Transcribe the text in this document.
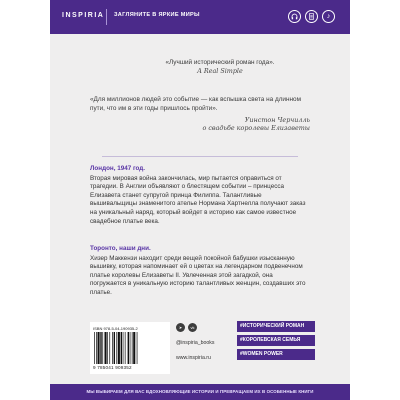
INSPIRIA ЗАГЛЯНИТЕ В ЯРКИЕ МИРЫ	♪
«Лучший исторический роман года».
A Real Simple
«Для миллионов людей это событие — как вспышка света на длинном пути, что им в эти годы пришлось пройти».
Уинстон Черчилль
о свадьбе королевы Елизаветы
Лондон, 1947 год.
Вторая мировая война закончилась, мир пытается оправиться от трагедии. В Англии объявляют о блестящем событии – принцесса Елизавета станет супругой принца Филиппа. Талантливые вышивальщицы знаменитого ателье Нормана Хартнелла получают заказ на уникальный наряд, который войдет в историю как самое известное свадебное платье века.
Торонто, наши дни.
Хизер Маккензи находит среди вещей покойной бабушки изысканную вышивку, которая напоминает ей о цветах на легендарном подвенечном платье королевы Елизаветы II. Увлеченная этой загадкой, она погружается в уникальную историю талантливых женщин, создавших это платье.
ISBN 978-5-04-190935-2
9 785041 909352
➤	vk
@inspiria_books
www.inspiria.ru
#ИСТОРИЧЕСКИЙ РОМАН
#КОРОЛЕВСКАЯ СЕМЬЯ
#WOMEN POWER
МЫ ВЫБИРАЕМ ДЛЯ ВАС ВДОХНОВЛЯЮЩИЕ ИСТОРИИ И ПРЕВРАЩАЕМ ИХ В ОСОБЕННЫЕ КНИГИ
